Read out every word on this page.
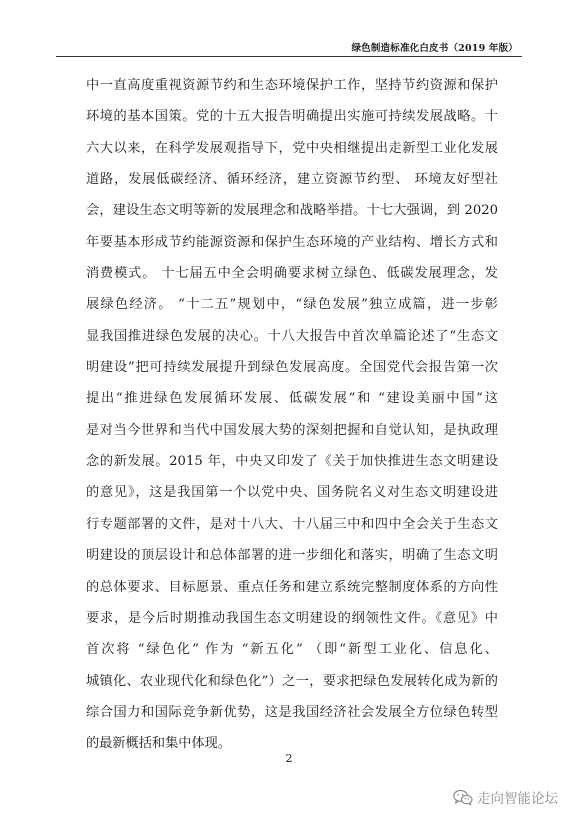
绿色制造标准化白皮书（2019 年版）
中一直高度重视资源节约和生态环境保护工作，坚持节约资源和保护
环境的基本国策。党的十五大报告明确提出实施可持续发展战略。十
六大以来，在科学发展观指导下，党中央相继提出走新型工业化发展
道路，发展低碳经济、循环经济，建立资源节约型、 环境友好型社
会，建设生态文明等新的发展理念和战略举措。十七大强调，到 2020
年要基本形成节约能源资源和保护生态环境的产业结构、增长方式和
消费模式。 十七届五中全会明确要求树立绿色、低碳发展理念，发
展绿色经济。 “十二五”规划中，“绿色发展”独立成篇，进一步彰
显我国推进绿色发展的决心。十八大报告中首次单篇论述了“生态文
明建设”把可持续发展提升到绿色发展高度。全国党代会报告第一次
提出“推进绿色发展循环发展、低碳发展”和 “建设美丽中国”这
是对当今世界和当代中国发展大势的深刻把握和自觉认知，是执政理
念的新发展。2015 年，中央又印发了《关于加快推进生态文明建设
的意见》，这是我国第一个以党中央、国务院名义对生态文明建设进
行专题部署的文件，是对十八大、十八届三中和四中全会关于生态文
明建设的顶层设计和总体部署的进一步细化和落实，明确了生态文明
的总体要求、目标愿景、重点任务和建立系统完整制度体系的方向性
要求，是今后时期推动我国生态文明建设的纲领性文件。《意见》中
首次将 “绿色化” 作为 “新五化” （即“新型工业化、信息化、
城镇化、农业现代化和绿色化”）之一，要求把绿色发展转化成为新的
综合国力和国际竞争新优势，这是我国经济社会发展全方位绿色转型
的最新概括和集中体现。
2
走向智能论坛
